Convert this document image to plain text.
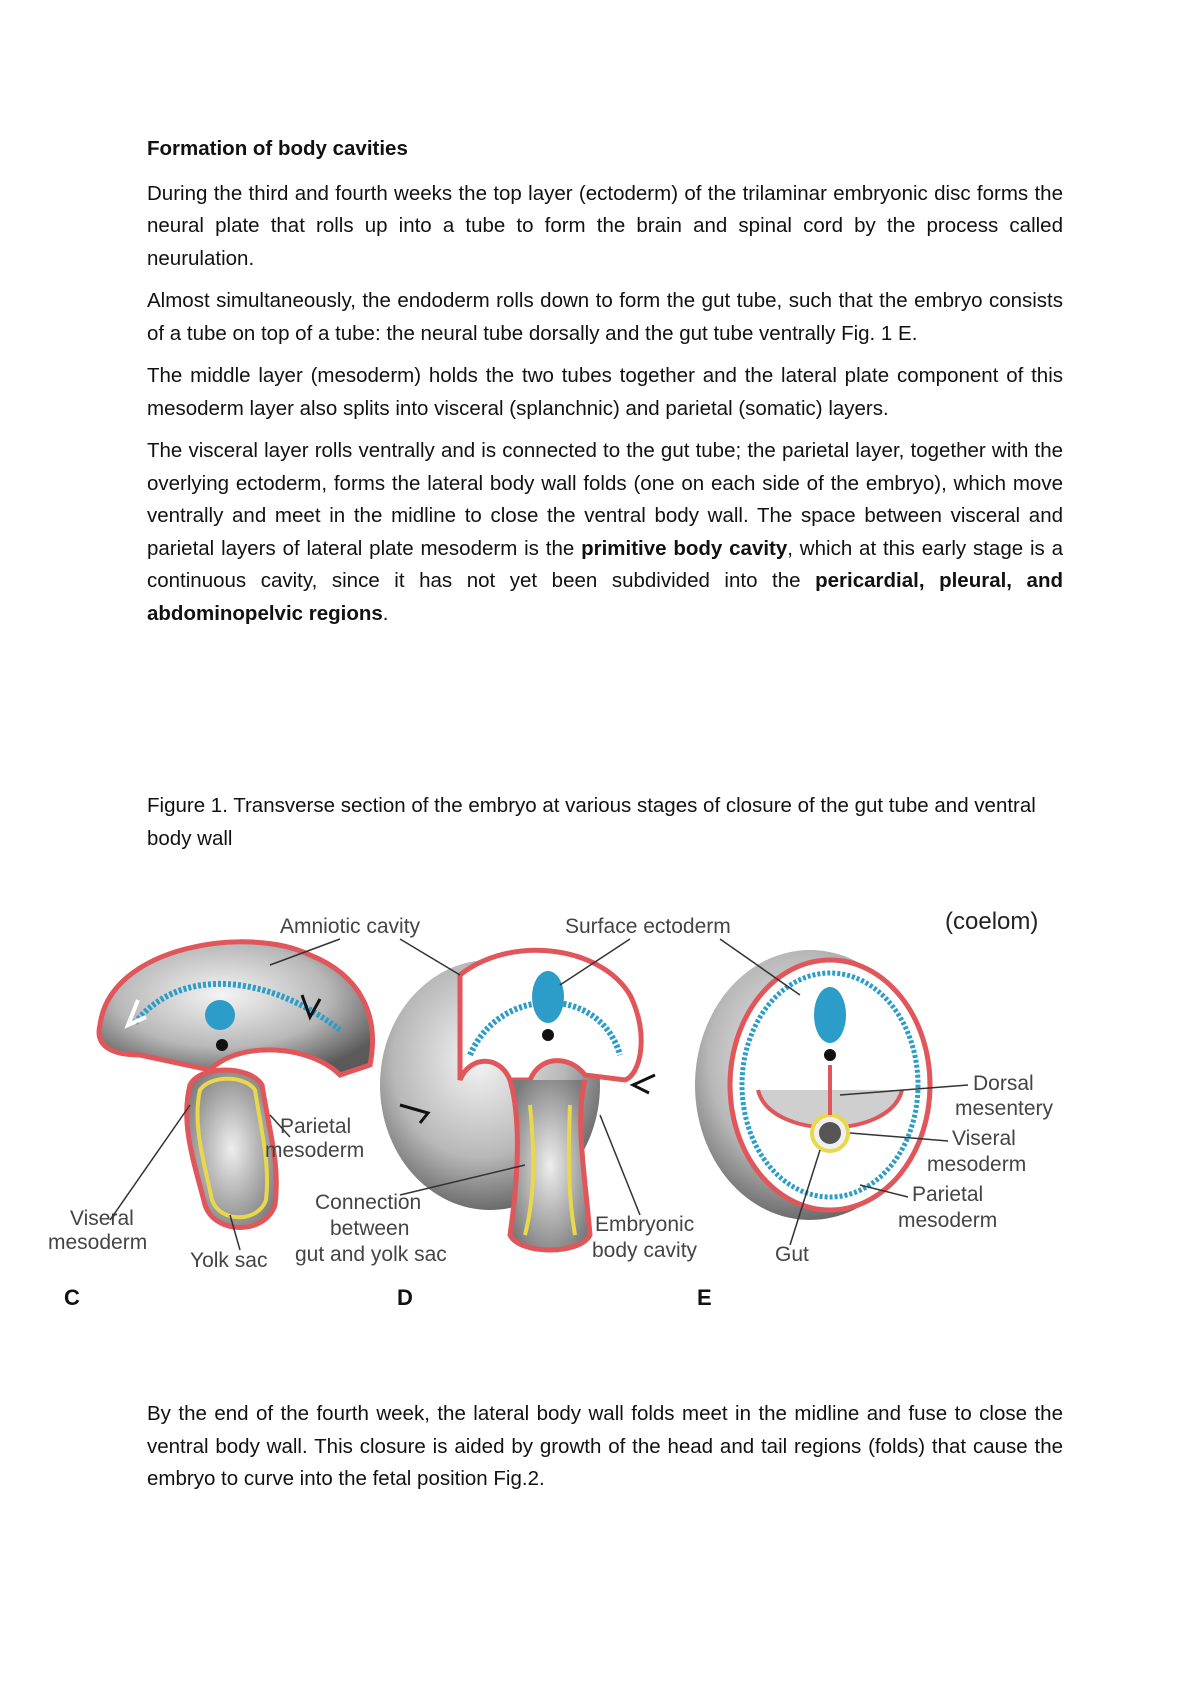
Formation of body cavities

During the third and fourth weeks the top layer (ectoderm) of the trilaminar embryonic disc forms the neural plate that rolls up into a tube to form the brain and spinal cord by the process called neurulation.

Almost simultaneously, the endoderm rolls down to form the gut tube, such that the embryo consists of a tube on top of a tube: the neural tube dorsally and the gut tube ventrally Fig. 1 E.

The middle layer (mesoderm) holds the two tubes together and the lateral plate component of this mesoderm layer also splits into visceral (splanchnic) and parietal (somatic) layers.

The visceral layer rolls ventrally and is connected to the gut tube; the parietal layer, together with the overlying ectoderm, forms the lateral body wall folds (one on each side of the embryo), which move ventrally and meet in the midline to close the ventral body wall. The space between visceral and parietal layers of lateral plate mesoderm is the primitive body cavity, which at this early stage is a continuous cavity, since it has not yet been subdivided into the pericardial, pleural, and abdominopelvic regions.

Figure 1. Transverse section of the embryo at various stages of closure of the gut tube and ventral body wall

Amniotic cavity	Surface ectoderm	(coelom)
Parietal
mesoderm
Viseral
mesoderm
Yolk sac
Connection
between
gut and yolk sac
Embryonic
body cavity	Gut
Dorsal
mesentery
Viseral
mesoderm
Parietal
mesoderm
C	D	E

By the end of the fourth week, the lateral body wall folds meet in the midline and fuse to close the ventral body wall. This closure is aided by growth of the head and tail regions (folds) that cause the embryo to curve into the fetal position Fig.2.
